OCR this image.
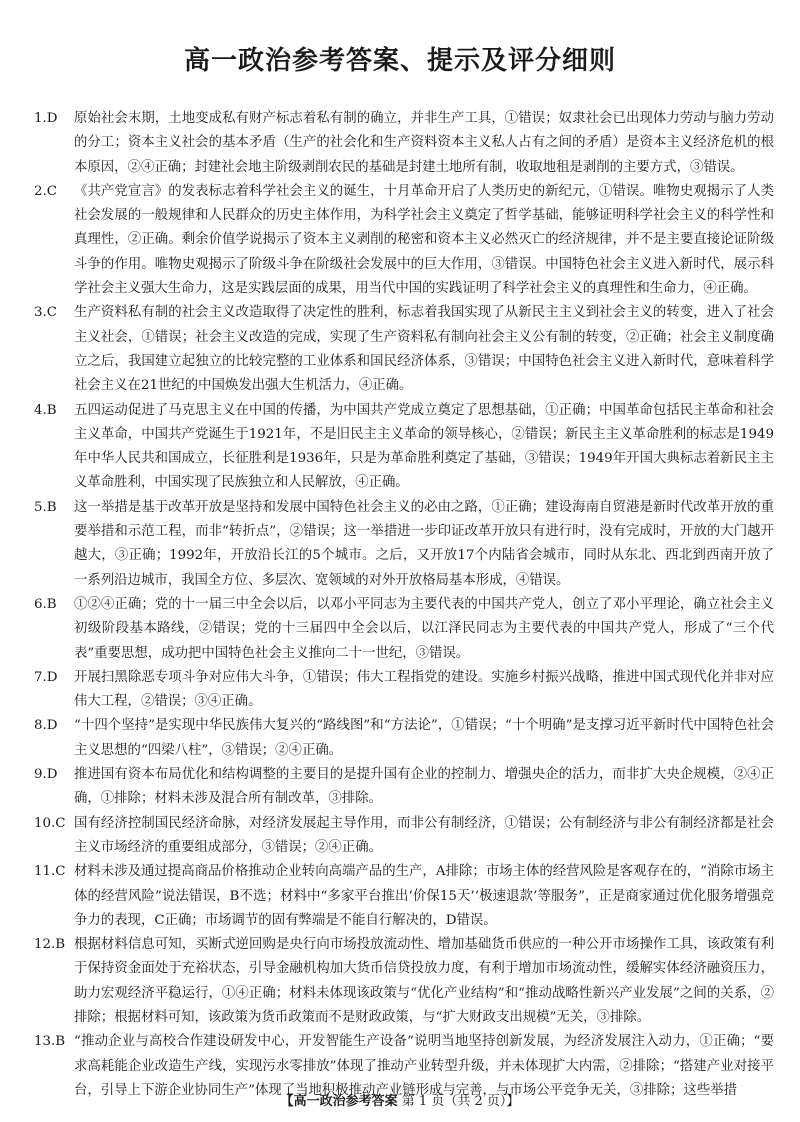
高一政治参考答案、提示及评分细则

1.D 原始社会末期，土地变成私有财产标志着私有制的确立，并非生产工具，①错误；奴隶社会已出现体力劳动与脑力劳动的分工；资本主义社会的基本矛盾（生产的社会化和生产资料资本主义私人占有之间的矛盾）是资本主义经济危机的根本原因，②④正确；封建社会地主阶级剥削农民的基础是封建土地所有制，收取地租是剥削的主要方式，③错误。

2.C 《共产党宣言》的发表标志着科学社会主义的诞生，十月革命开启了人类历史的新纪元，①错误。唯物史观揭示了人类社会发展的一般规律和人民群众的历史主体作用，为科学社会主义奠定了哲学基础，能够证明科学社会主义的科学性和真理性，②正确。剩余价值学说揭示了资本主义剥削的秘密和资本主义必然灭亡的经济规律，并不是主要直接论证阶级斗争的作用。唯物史观揭示了阶级斗争在阶级社会发展中的巨大作用，③错误。中国特色社会主义进入新时代，展示科学社会主义强大生命力，这是实践层面的成果，用当代中国的实践证明了科学社会主义的真理性和生命力，④正确。

3.C 生产资料私有制的社会主义改造取得了决定性的胜利，标志着我国实现了从新民主主义到社会主义的转变，进入了社会主义社会，①错误；社会主义改造的完成，实现了生产资料私有制向社会主义公有制的转变，②正确；社会主义制度确立之后，我国建立起独立的比较完整的工业体系和国民经济体系，③错误；中国特色社会主义进入新时代，意味着科学社会主义在21世纪的中国焕发出强大生机活力，④正确。

4.B 五四运动促进了马克思主义在中国的传播，为中国共产党成立奠定了思想基础，①正确；中国革命包括民主革命和社会主义革命，中国共产党诞生于1921年，不是旧民主主义革命的领导核心，②错误；新民主主义革命胜利的标志是1949年中华人民共和国成立，长征胜利是1936年，只是为革命胜利奠定了基础，③错误；1949年开国大典标志着新民主主义革命胜利，中国实现了民族独立和人民解放，④正确。

5.B 这一举措是基于改革开放是坚持和发展中国特色社会主义的必由之路，①正确；建设海南自贸港是新时代改革开放的重要举措和示范工程，而非“转折点”，②错误；这一举措进一步印证改革开放只有进行时，没有完成时，开放的大门越开越大，③正确；1992年，开放沿长江的5个城市。之后，又开放17个内陆省会城市，同时从东北、西北到西南开放了一系列沿边城市，我国全方位、多层次、宽领域的对外开放格局基本形成，④错误。

6.B ①②④正确；党的十一届三中全会以后，以邓小平同志为主要代表的中国共产党人，创立了邓小平理论，确立社会主义初级阶段基本路线，②错误；党的十三届四中全会以后，以江泽民同志为主要代表的中国共产党人，形成了“三个代表”重要思想，成功把中国特色社会主义推向二十一世纪，③错误。

7.D 开展扫黑除恶专项斗争对应伟大斗争，①错误；伟大工程指党的建设。实施乡村振兴战略，推进中国式现代化并非对应伟大工程，②错误；③④正确。

8.D “十四个坚持”是实现中华民族伟大复兴的“路线图”和“方法论”，①错误；“十个明确”是支撑习近平新时代中国特色社会主义思想的“四梁八柱”，③错误；②④正确。

9.D 推进国有资本布局优化和结构调整的主要目的是提升国有企业的控制力、增强央企的活力，而非扩大央企规模，②④正确，①排除；材料未涉及混合所有制改革，③排除。

10.C 国有经济控制国民经济命脉，对经济发展起主导作用，而非公有制经济，①错误；公有制经济与非公有制经济都是社会主义市场经济的重要组成部分，③错误；②④正确。

11.C 材料未涉及通过提高商品价格推动企业转向高端产品的生产，A排除；市场主体的经营风险是客观存在的，“消除市场主体的经营风险”说法错误，B不选；材料中“多家平台推出‘价保15天’‘极速退款’等服务”，正是商家通过优化服务增强竞争力的表现，C正确；市场调节的固有弊端是不能自行解决的，D错误。

12.B 根据材料信息可知，买断式逆回购是央行向市场投放流动性、增加基础货币供应的一种公开市场操作工具，该政策有利于保持资金面处于充裕状态，引导金融机构加大货币信贷投放力度，有利于增加市场流动性，缓解实体经济融资压力，助力宏观经济平稳运行，①④正确；材料未体现该政策与“优化产业结构”和“推动战略性新兴产业发展”之间的关系，②排除；根据材料可知，该政策为货币政策而不是财政政策，与“扩大财政支出规模”无关，③排除。

13.B “推动企业与高校合作建设研发中心，开发智能生产设备”说明当地坚持创新发展，为经济发展注入动力，①正确；“要求高耗能企业改造生产线，实现污水零排放”体现了推动产业转型升级，并未体现扩大内需，②排除；“搭建产业对接平台，引导上下游企业协同生产”体现了当地积极推动产业链形成与完善，与市场公平竞争无关，③排除；这些举措

【高一政治参考答案 第 1 页（共 2 页）】
